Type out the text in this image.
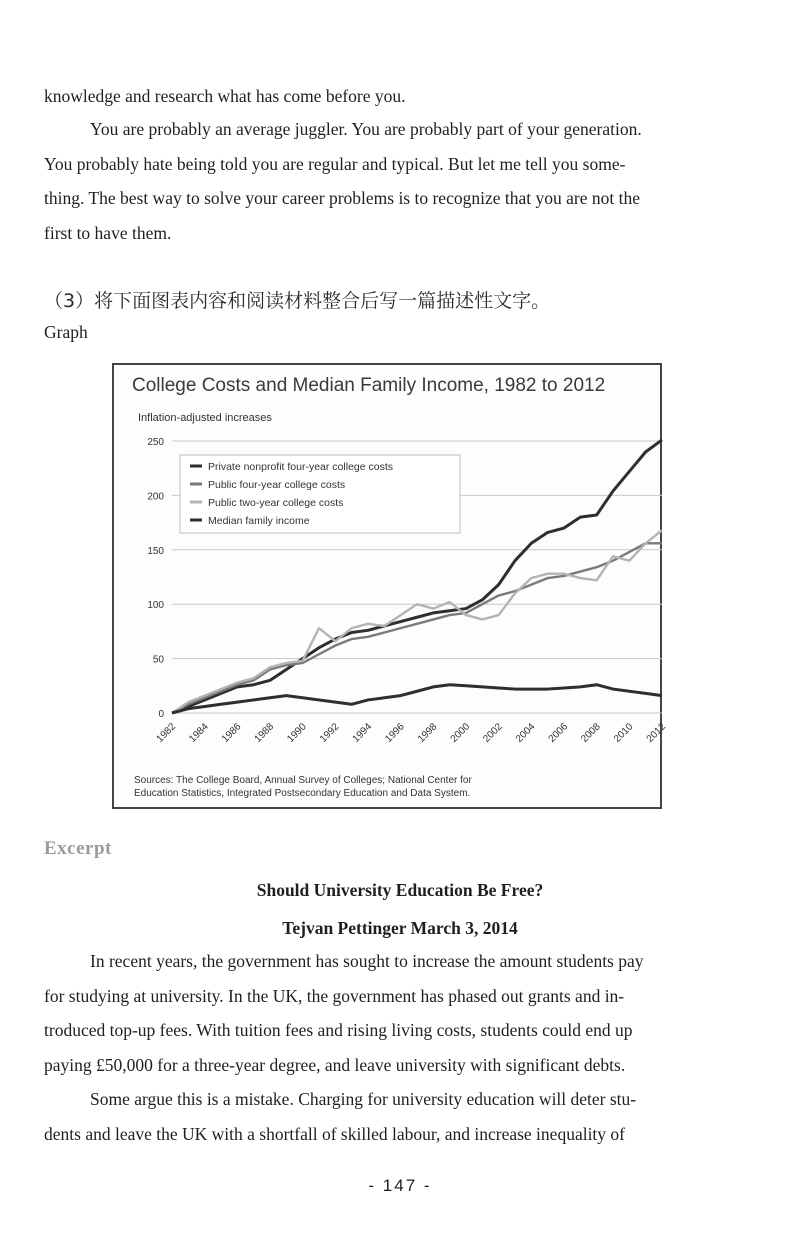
knowledge and research what has come before you.
You are probably an average juggler. You are probably part of your generation.
You probably hate being told you are regular and typical. But let me tell you some-
thing. The best way to solve your career problems is to recognize that you are not the
first to have them.
（3）将下面图表内容和阅读材料整合后写一篇描述性文字。
Graph
College Costs and Median Family Income, 1982 to 2012
Inflation-adjusted increases
0
50
100
150
200
250
1982 1984 1986 1988 1990 1992 1994 1996 1998 2000 2002 2004 2006 2008 2010 2012
Private nonprofit four-year college costs
Public four-year college costs
Public two-year college costs
Median family income
Sources: The College Board, Annual Survey of Colleges; National Center for
Education Statistics, Integrated Postsecondary Education and Data System.
Excerpt
Should University Education Be Free?
Tejvan Pettinger March 3, 2014
In recent years, the government has sought to increase the amount students pay
for studying at university. In the UK, the government has phased out grants and in-
troduced top-up fees. With tuition fees and rising living costs, students could end up
paying £50,000 for a three-year degree, and leave university with significant debts.
Some argue this is a mistake. Charging for university education will deter stu-
dents and leave the UK with a shortfall of skilled labour, and increase inequality of
- 147 -
